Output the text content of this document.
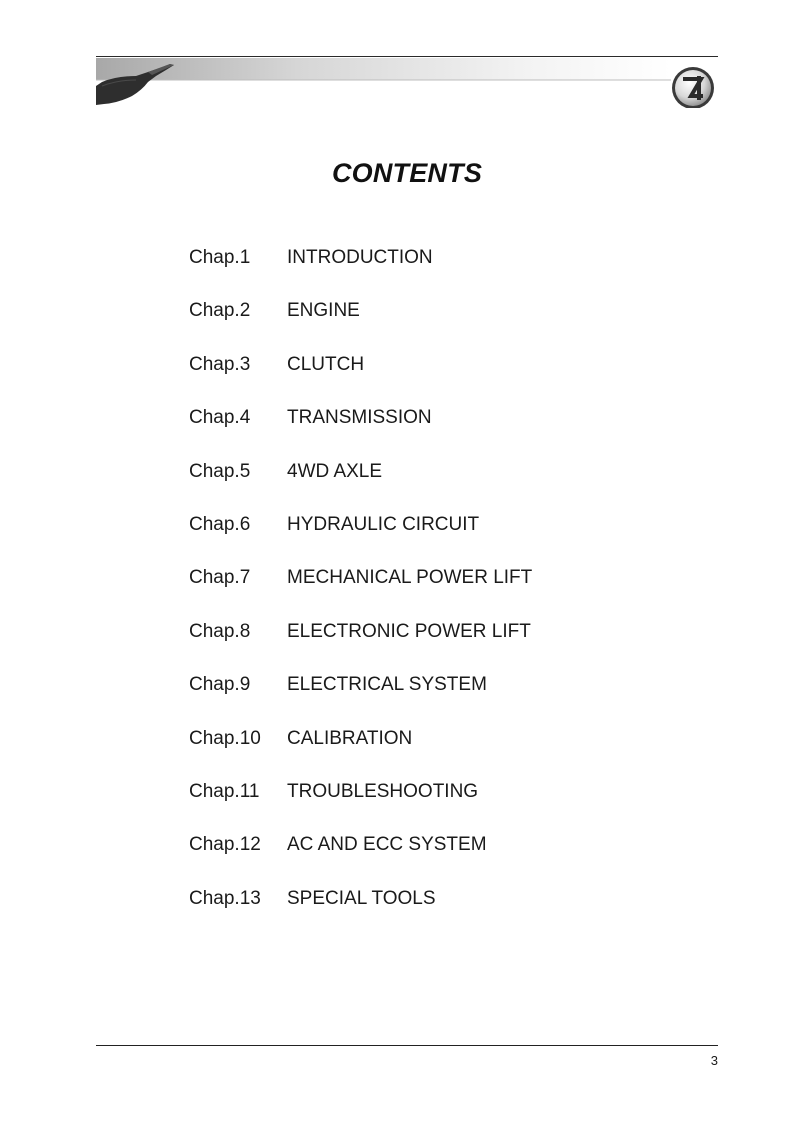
CONTENTS
Chap.1	INTRODUCTION
Chap.2	ENGINE
Chap.3	CLUTCH
Chap.4	TRANSMISSION
Chap.5	4WD AXLE
Chap.6	HYDRAULIC CIRCUIT
Chap.7	MECHANICAL POWER LIFT
Chap.8	ELECTRONIC POWER LIFT
Chap.9	ELECTRICAL SYSTEM
Chap.10	CALIBRATION
Chap.11	TROUBLESHOOTING
Chap.12	AC AND ECC SYSTEM
Chap.13	SPECIAL TOOLS
3
